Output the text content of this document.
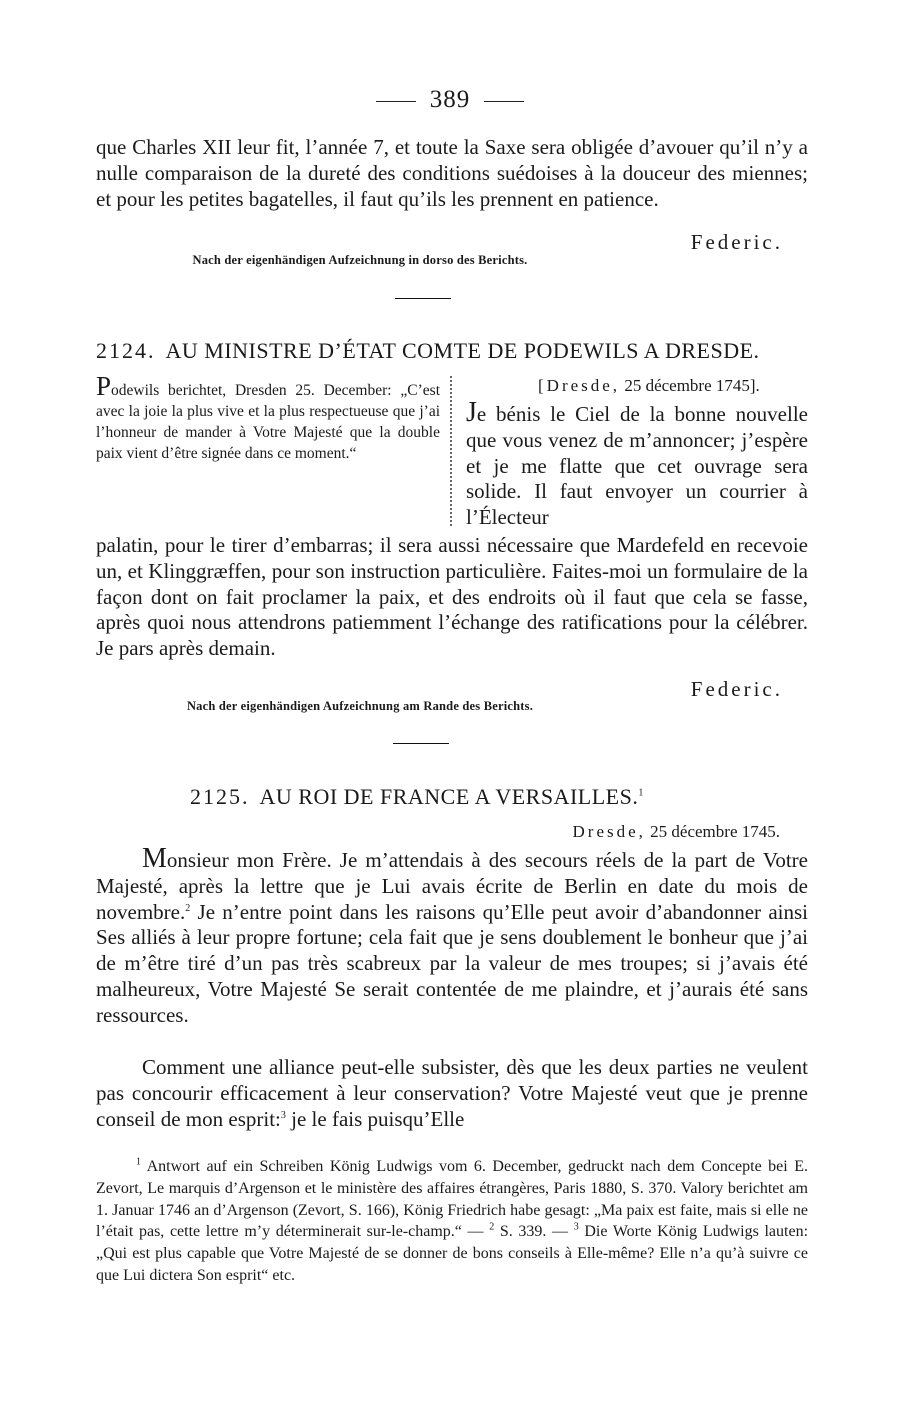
389

que Charles XII leur fit, l’année 7, et toute la Saxe sera obligée d’avouer qu’il n’y a nulle comparaison de la dureté des conditions suédoises à la douceur des miennes; et pour les petites bagatelles, il faut qu’ils les prennent en patience.

Federic.
Nach der eigenhändigen Aufzeichnung in dorso des Berichts.
2124. AU MINISTRE D’ÉTAT COMTE DE PODEWILS A DRESDE.
Podewils berichtet, Dresden 25. December: „C’est avec la joie la plus vive et la plus respectueuse que j’ai l’honneur de mander à Votre Majesté que la double paix vient d’être signée dans ce moment.“
[Dresde, 25 décembre 1745].

Je bénis le Ciel de la bonne nouvelle que vous venez de m’annoncer; j’espère et je me flatte que cet ouvrage sera solide. Il faut envoyer un courrier à l’Électeur

palatin, pour le tirer d’embarras; il sera aussi nécessaire que Mardefeld en recevoie un, et Klinggræffen, pour son instruction particulière. Faites-moi un formulaire de la façon dont on fait proclamer la paix, et des endroits où il faut que cela se fasse, après quoi nous attendrons patiemment l’échange des ratifications pour la célébrer. Je pars après demain.

Federic.
Nach der eigenhändigen Aufzeichnung am Rande des Berichts.
2125. AU ROI DE FRANCE A VERSAILLES.$^1$
Dresde, 25 décembre 1745.

Monsieur mon Frère. Je m’attendais à des secours réels de la part de Votre Majesté, après la lettre que je Lui avais écrite de Berlin en date du mois de novembre.$^2$ Je n’entre point dans les raisons qu’Elle peut avoir d’abandonner ainsi Ses alliés à leur propre fortune; cela fait que je sens doublement le bonheur que j’ai de m’être tiré d’un pas très scabreux par la valeur de mes troupes; si j’avais été malheureux, Votre Majesté Se serait contentée de me plaindre, et j’aurais été sans ressources.

Comment une alliance peut-elle subsister, dès que les deux parties ne veulent pas concourir efficacement à leur conservation? Votre Majesté veut que je prenne conseil de mon esprit:$^3$ je le fais puisqu’Elle

$^1$ Antwort auf ein Schreiben König Ludwigs vom 6. December, gedruckt nach dem Concepte bei E. Zevort, Le marquis d’Argenson et le ministère des affaires étrangères, Paris 1880, S. 370. Valory berichtet am 1. Januar 1746 an d’Argenson (Zevort, S. 166), König Friedrich habe gesagt: „Ma paix est faite, mais si elle ne l’était pas, cette lettre m’y déterminerait sur-le-champ.“ — $^2$ S. 339. — $^3$ Die Worte König Ludwigs lauten: „Qui est plus capable que Votre Majesté de se donner de bons conseils à Elle-même? Elle n’a qu’à suivre ce que Lui dictera Son esprit“ etc.
